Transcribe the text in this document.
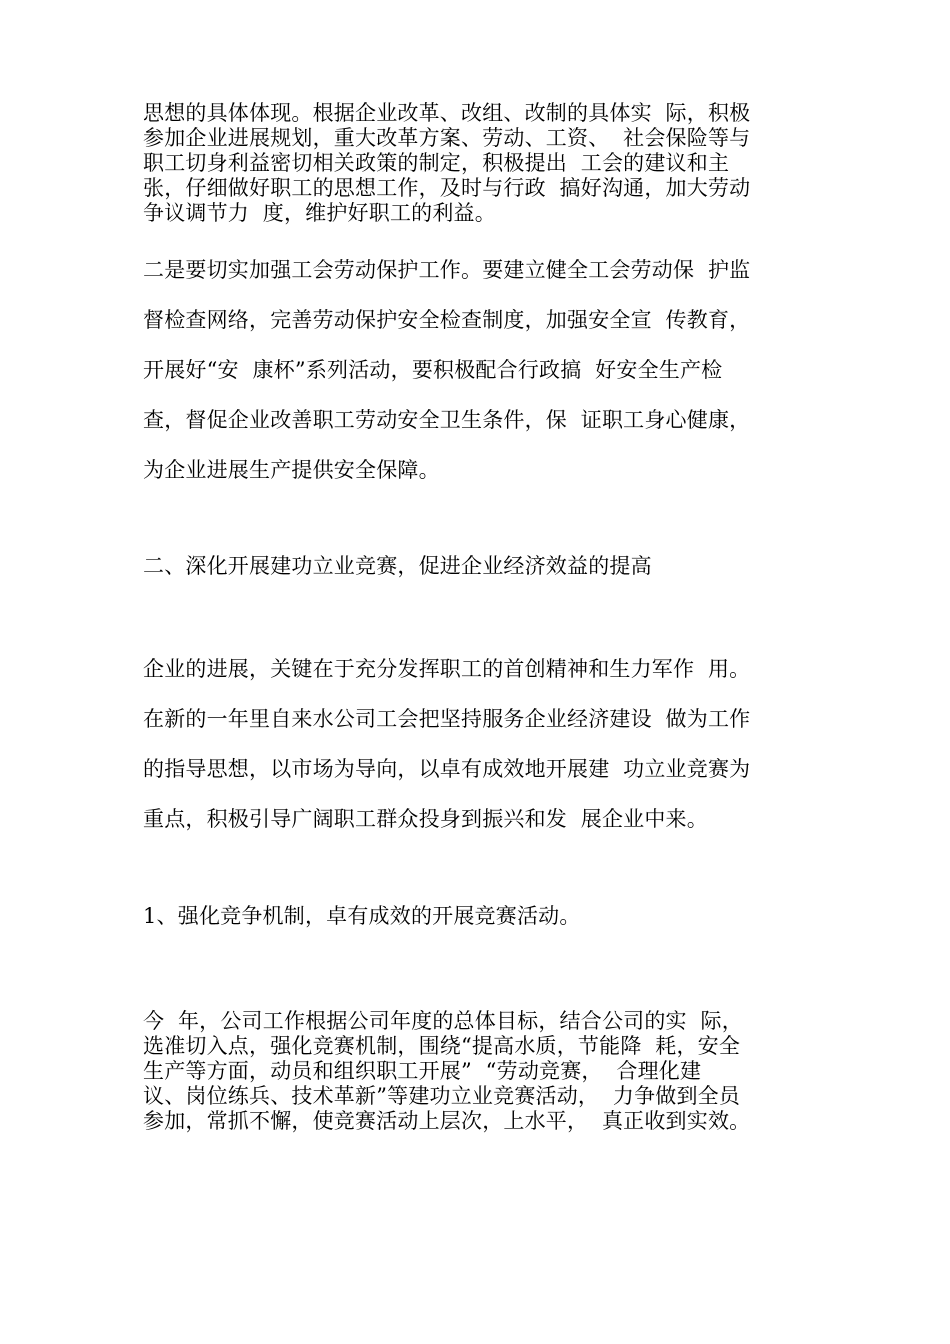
思想的具体体现。根据企业改革、改组、改制的具体实  际，积极
参加企业进展规划，重大改革方案、劳动、工资、  社会保险等与
职工切身利益密切相关政策的制定，积极提出  工会的建议和主
张，仔细做好职工的思想工作，及时与行政  搞好沟通，加大劳动
争议调节力  度，维护好职工的利益。
二是要切实加强工会劳动保护工作。要建立健全工会劳动保  护监
督检查网络，完善劳动保护安全检查制度，加强安全宣  传教育，
开展好“安  康杯”系列活动，要积极配合行政搞  好安全生产检
查，督促企业改善职工劳动安全卫生条件，保  证职工身心健康，
为企业进展生产提供安全保障。
二、深化开展建功立业竞赛，促进企业经济效益的提高
企业的进展，关键在于充分发挥职工的首创精神和生力军作  用。
在新的一年里自来水公司工会把坚持服务企业经济建设  做为工作
的指导思想，以市场为导向，以卓有成效地开展建  功立业竞赛为
重点，积极引导广阔职工群众投身到振兴和发  展企业中来。
1、强化竞争机制，卓有成效的开展竞赛活动。
今  年，公司工作根据公司年度的总体目标，结合公司的实  际，
选准切入点，强化竞赛机制，围绕“提高水质，节能降  耗，安全
生产等方面，动员和组织职工开展”  “劳动竞赛，  合理化建
议、岗位练兵、技术革新”等建功立业竞赛活动，  力争做到全员
参加，常抓不懈，使竞赛活动上层次，上水平，  真正收到实效。
